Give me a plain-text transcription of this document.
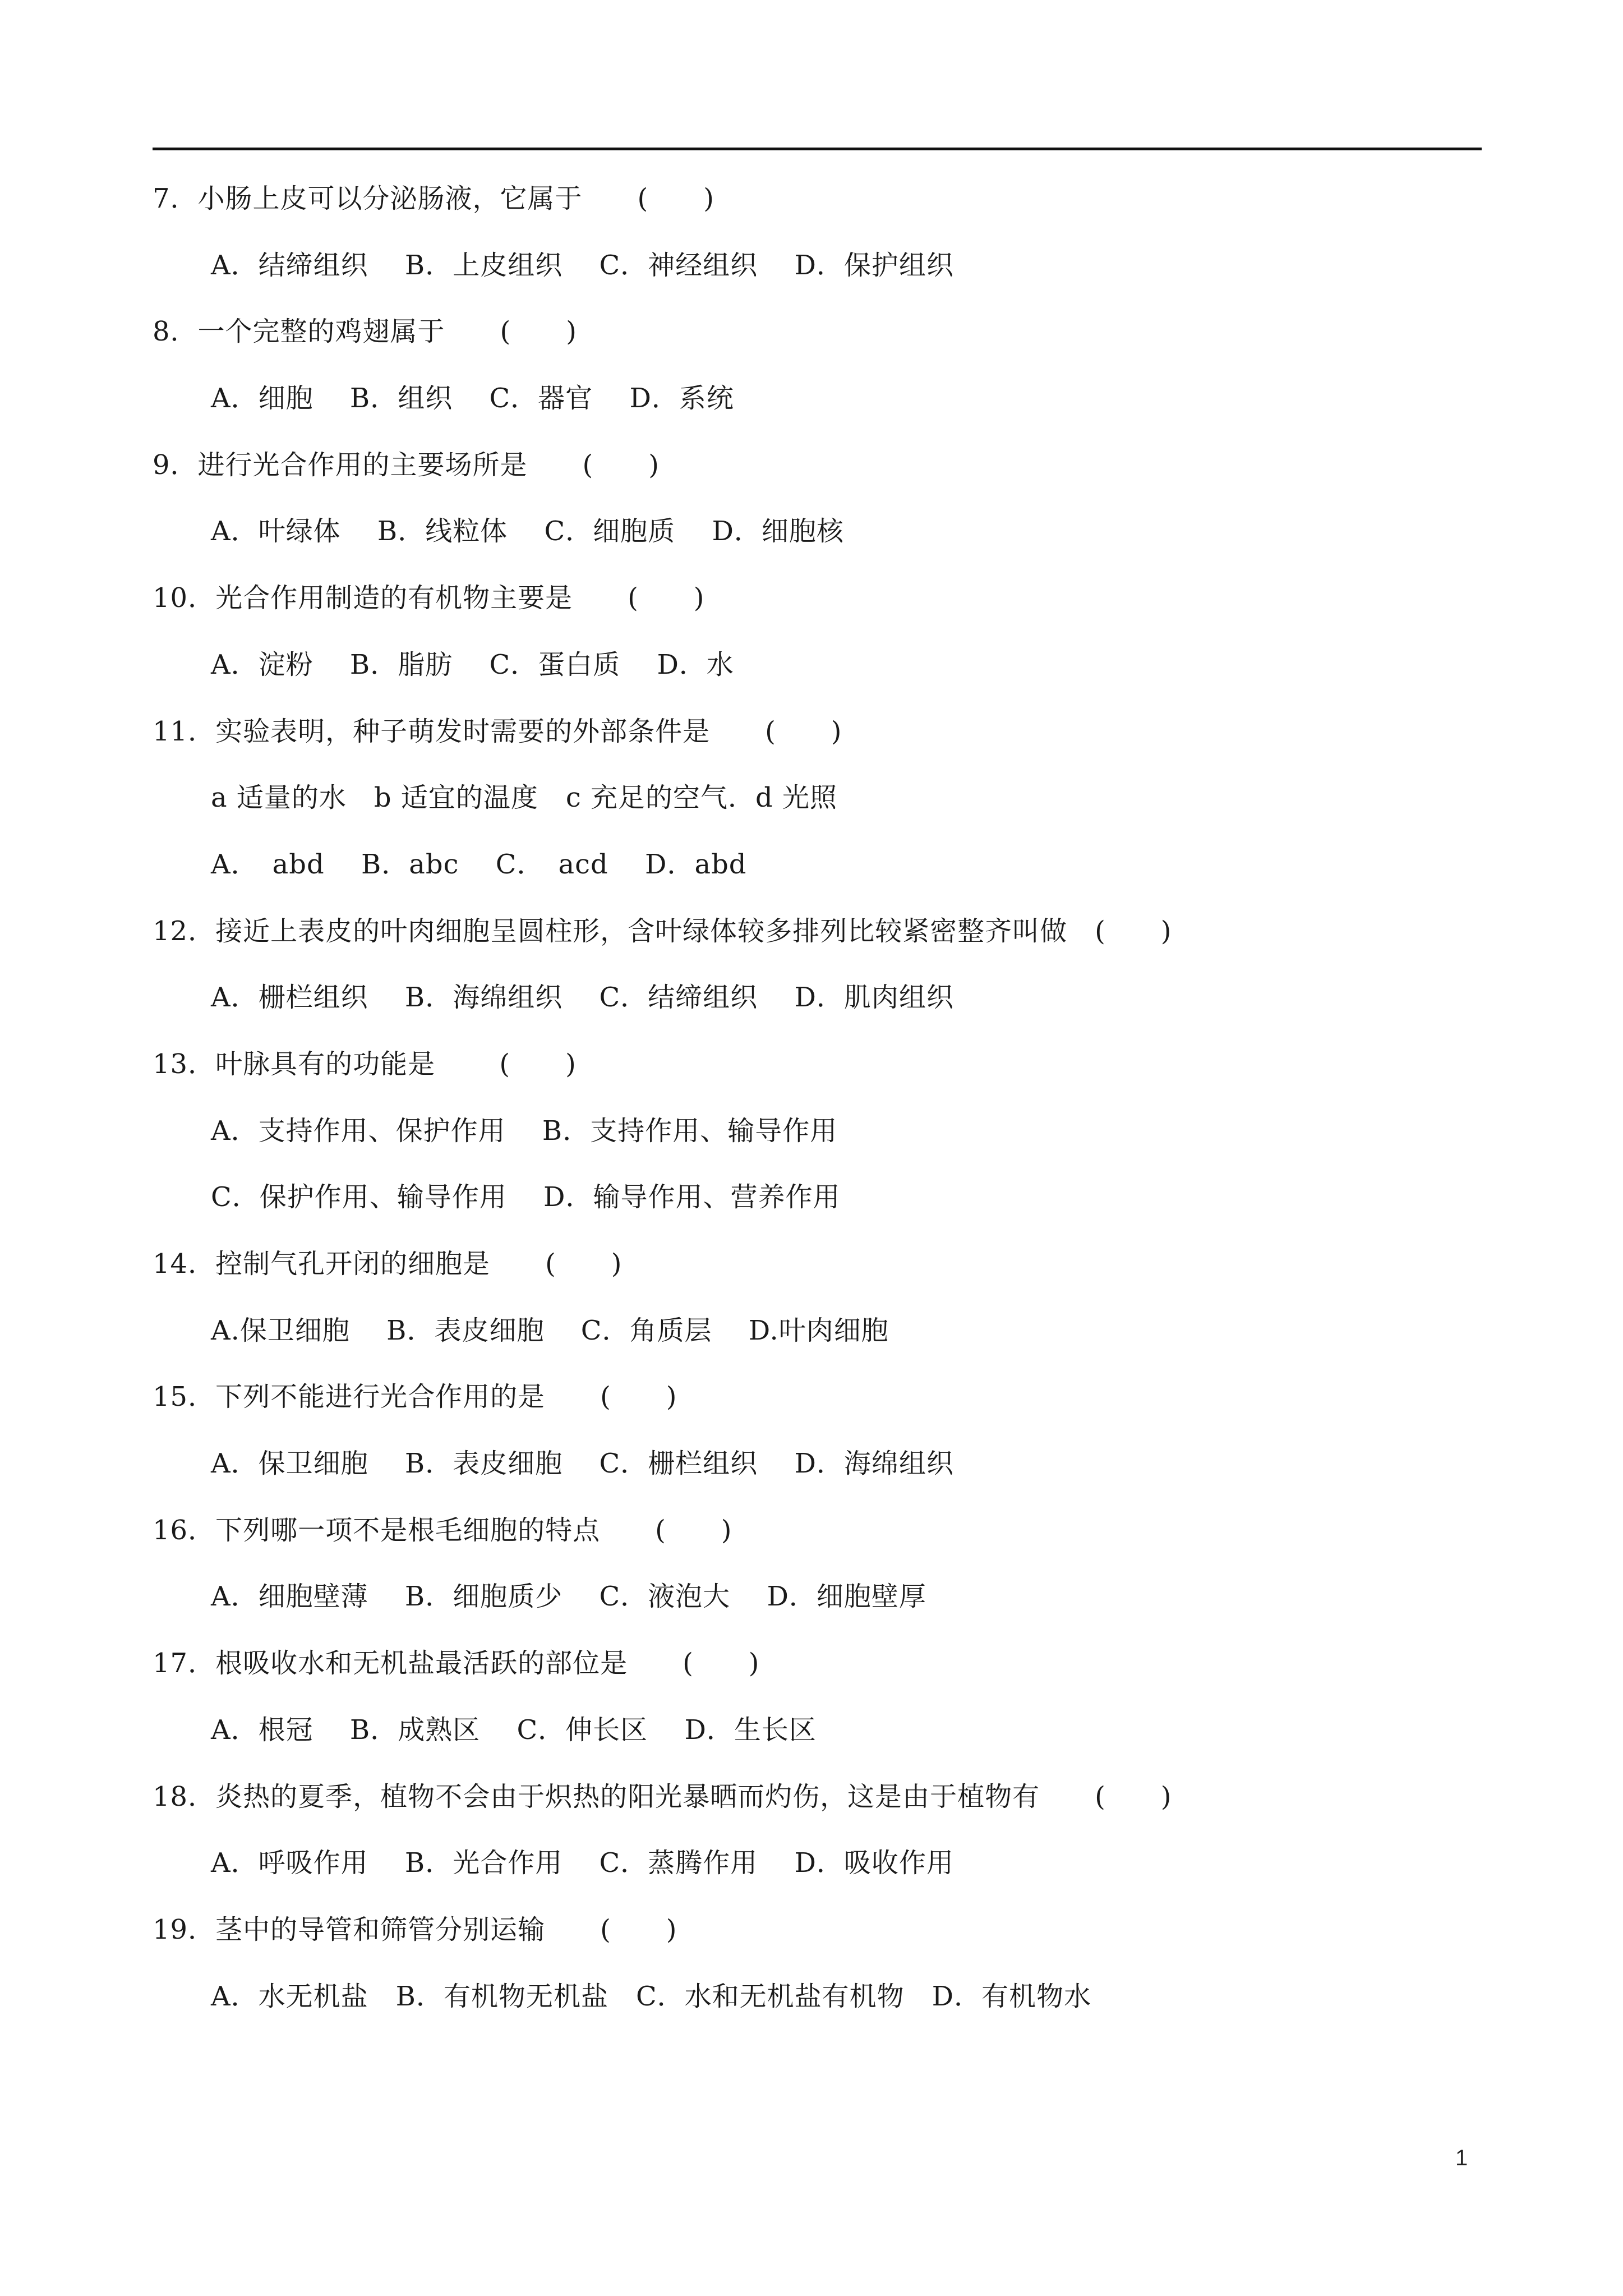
7．小肠上皮可以分泌肠液，它属于　　(　　)
A．结缔组织　 B．上皮组织　 C．神经组织　 D．保护组织
8．一个完整的鸡翅属于　　(　　)
A．细胞　 B．组织　 C．器官　 D．系统
9．进行光合作用的主要场所是　　(　　)
A．叶绿体　 B．线粒体　 C．细胞质　 D．细胞核
10．光合作用制造的有机物主要是　　(　　)
A．淀粉　 B．脂肪　 C．蛋白质　 D．水
11．实验表明，种子萌发时需要的外部条件是　　(　　)
a 适量的水　b 适宜的温度　c 充足的空气．d 光照
A．　abd　 B．abc　 C．　acd　 D．abd
12．接近上表皮的叶肉细胞呈圆柱形，含叶绿体较多排列比较紧密整齐叫做　(　　)
A．栅栏组织　 B．海绵组织　 C．结缔组织　 D．肌肉组织
13．叶脉具有的功能是　　 (　　)
A．支持作用、保护作用　 B．支持作用、输导作用
C．保护作用、输导作用　 D．输导作用、营养作用
14．控制气孔开闭的细胞是　　(　　)
A.保卫细胞　 B．表皮细胞　 C．角质层　 D.叶肉细胞
15．下列不能进行光合作用的是　　(　　)
A．保卫细胞　 B．表皮细胞　 C．栅栏组织　 D．海绵组织
16．下列哪一项不是根毛细胞的特点　　(　　)
A．细胞壁薄　 B．细胞质少　 C．液泡大　 D．细胞壁厚
17．根吸收水和无机盐最活跃的部位是　　(　　)
A．根冠　 B．成熟区　 C．伸长区　 D．生长区
18．炎热的夏季，植物不会由于炽热的阳光暴晒而灼伤，这是由于植物有　　(　　)
A．呼吸作用　 B．光合作用　 C．蒸腾作用　 D．吸收作用
19．茎中的导管和筛管分别运输　　(　　)
A．水无机盐　B．有机物无机盐　C．水和无机盐有机物　D．有机物水
1
